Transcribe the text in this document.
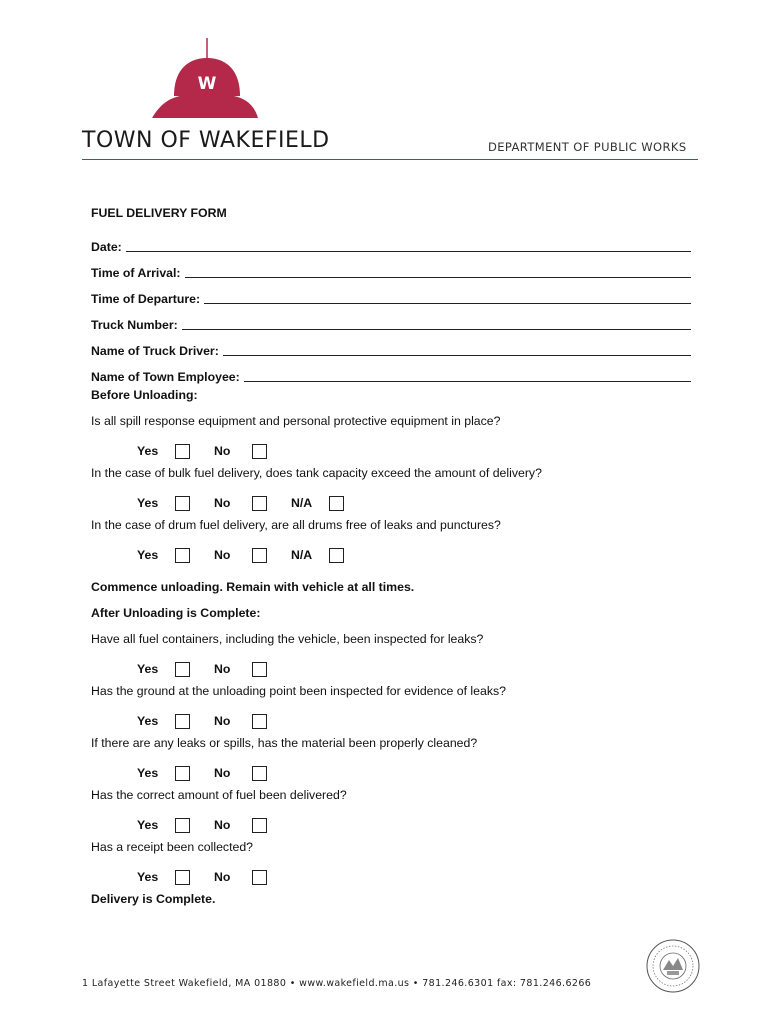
W
TOWN OF WAKEFIELD	DEPARTMENT OF PUBLIC WORKS
FUEL DELIVERY FORM
Date:
Time of Arrival:
Time of Departure:
Truck Number:
Name of Truck Driver:
Name of Town Employee:
Before Unloading:
Is all spill response equipment and personal protective equipment in place?
Yes	No
In the case of bulk fuel delivery, does tank capacity exceed the amount of delivery?
Yes	No	N/A
In the case of drum fuel delivery, are all drums free of leaks and punctures?
Yes	No	N/A
Commence unloading. Remain with vehicle at all times.
After Unloading is Complete:
Have all fuel containers, including the vehicle, been inspected for leaks?
Yes	No
Has the ground at the unloading point been inspected for evidence of leaks?
Yes	No
If there are any leaks or spills, has the material been properly cleaned?
Yes	No
Has the correct amount of fuel been delivered?
Yes	No
Has a receipt been collected?
Yes	No
Delivery is Complete.
1 Lafayette Street Wakefield, MA 01880 • www.wakefield.ma.us • 781.246.6301 fax: 781.246.6266
